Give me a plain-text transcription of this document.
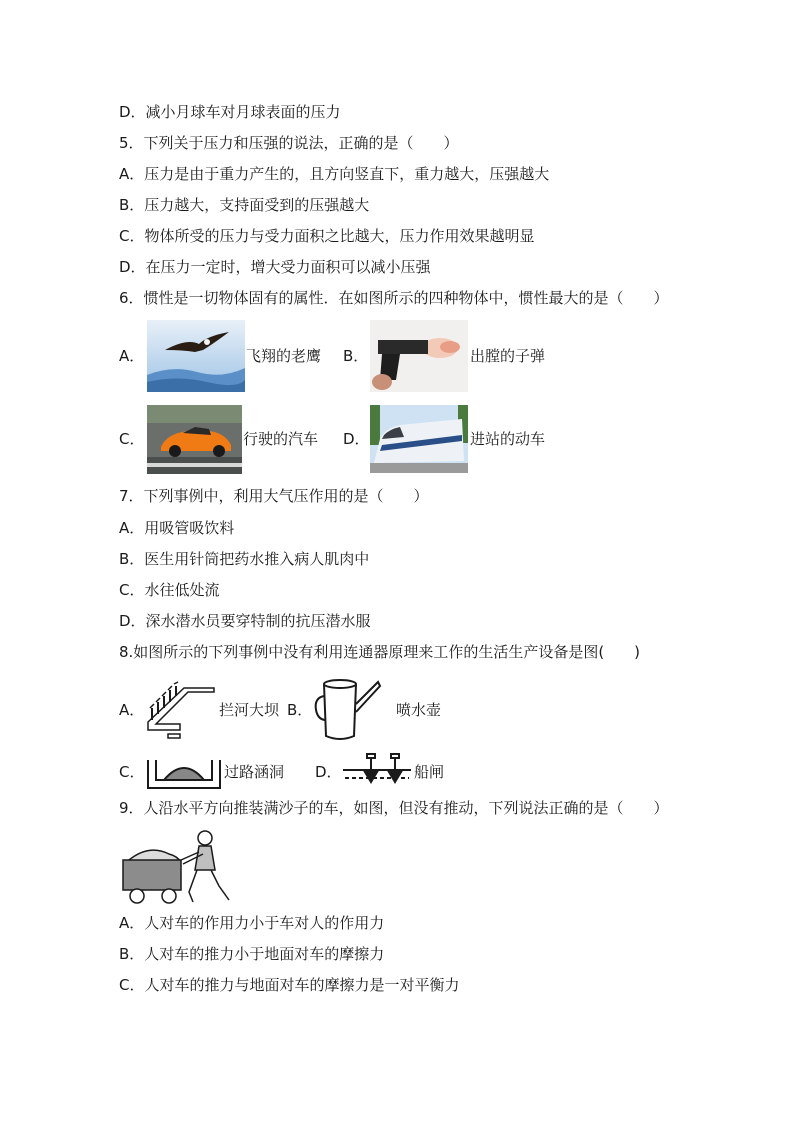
D．减小月球车对月球表面的压力
5．下列关于压力和压强的说法，正确的是（　　）
A．压力是由于重力产生的，且方向竖直下，重力越大，压强越大
B．压力越大，支持面受到的压强越大
C．物体所受的压力与受力面积之比越大，压力作用效果越明显
D．在压力一定时，增大受力面积可以减小压强
6．惯性是一切物体固有的属性．在如图所示的四种物体中，惯性最大的是（　　）
A．	飞翔的老鹰 B．	出膛的子弹
C．	行驶的汽车 D．	进站的动车
7．下列事例中，利用大气压作用的是（　　）
A．用吸管吸饮料
B．医生用针筒把药水推入病人肌肉中
C．水往低处流
D．深水潜水员要穿特制的抗压潜水服
8.如图所示的下列事例中没有利用连通器原理来工作的生活生产设备是图(　　)
A．	拦河大坝 B．	喷水壶
C．	过路涵洞 D．	船闸
9．人沿水平方向推装满沙子的车，如图，但没有推动，下列说法正确的是（　　）
A．人对车的作用力小于车对人的作用力
B．人对车的推力小于地面对车的摩擦力
C．人对车的推力与地面对车的摩擦力是一对平衡力
